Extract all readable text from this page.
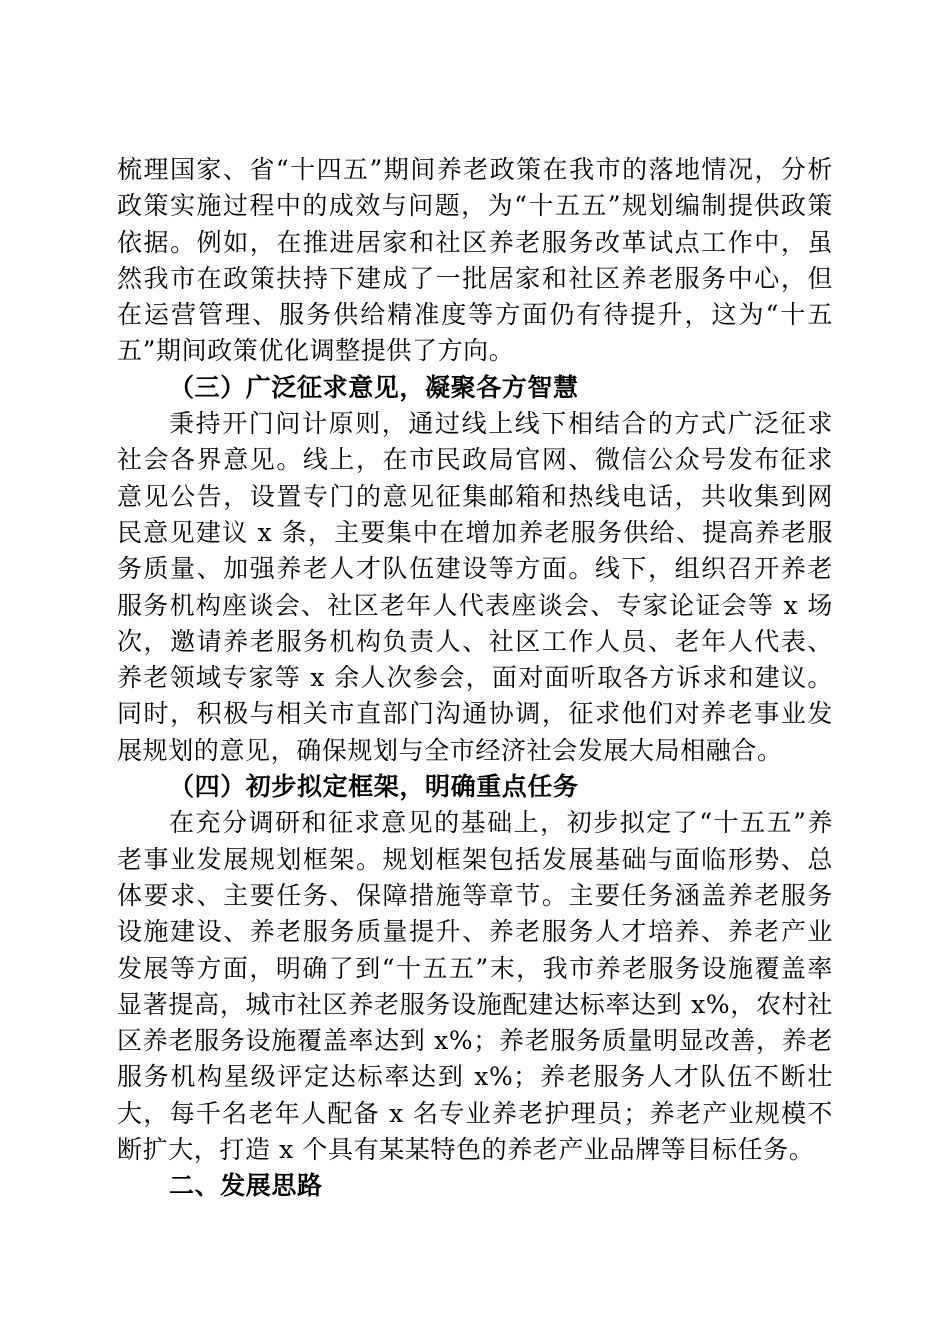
梳理国家、省“十四五”期间养老政策在我市的落地情况，分析政策实施过程中的成效与问题，为“十五五”规划编制提供政策依据。例如，在推进居家和社区养老服务改革试点工作中，虽然我市在政策扶持下建成了一批居家和社区养老服务中心，但在运营管理、服务供给精准度等方面仍有待提升，这为“十五五”期间政策优化调整提供了方向。

（三）广泛征求意见，凝聚各方智慧

秉持开门问计原则，通过线上线下相结合的方式广泛征求社会各界意见。线上，在市民政局官网、微信公众号发布征求意见公告，设置专门的意见征集邮箱和热线电话，共收集到网民意见建议 x 条，主要集中在增加养老服务供给、提高养老服务质量、加强养老人才队伍建设等方面。线下，组织召开养老服务机构座谈会、社区老年人代表座谈会、专家论证会等 x 场次，邀请养老服务机构负责人、社区工作人员、老年人代表、养老领域专家等 x 余人次参会，面对面听取各方诉求和建议。同时，积极与相关市直部门沟通协调，征求他们对养老事业发展规划的意见，确保规划与全市经济社会发展大局相融合。

（四）初步拟定框架，明确重点任务

在充分调研和征求意见的基础上，初步拟定了“十五五”养老事业发展规划框架。规划框架包括发展基础与面临形势、总体要求、主要任务、保障措施等章节。主要任务涵盖养老服务设施建设、养老服务质量提升、养老服务人才培养、养老产业发展等方面，明确了到“十五五”末，我市养老服务设施覆盖率显著提高，城市社区养老服务设施配建达标率达到 x%，农村社区养老服务设施覆盖率达到 x%；养老服务质量明显改善，养老服务机构星级评定达标率达到 x%；养老服务人才队伍不断壮大，每千名老年人配备 x 名专业养老护理员；养老产业规模不断扩大，打造 x 个具有某某特色的养老产业品牌等目标任务。

二、发展思路
